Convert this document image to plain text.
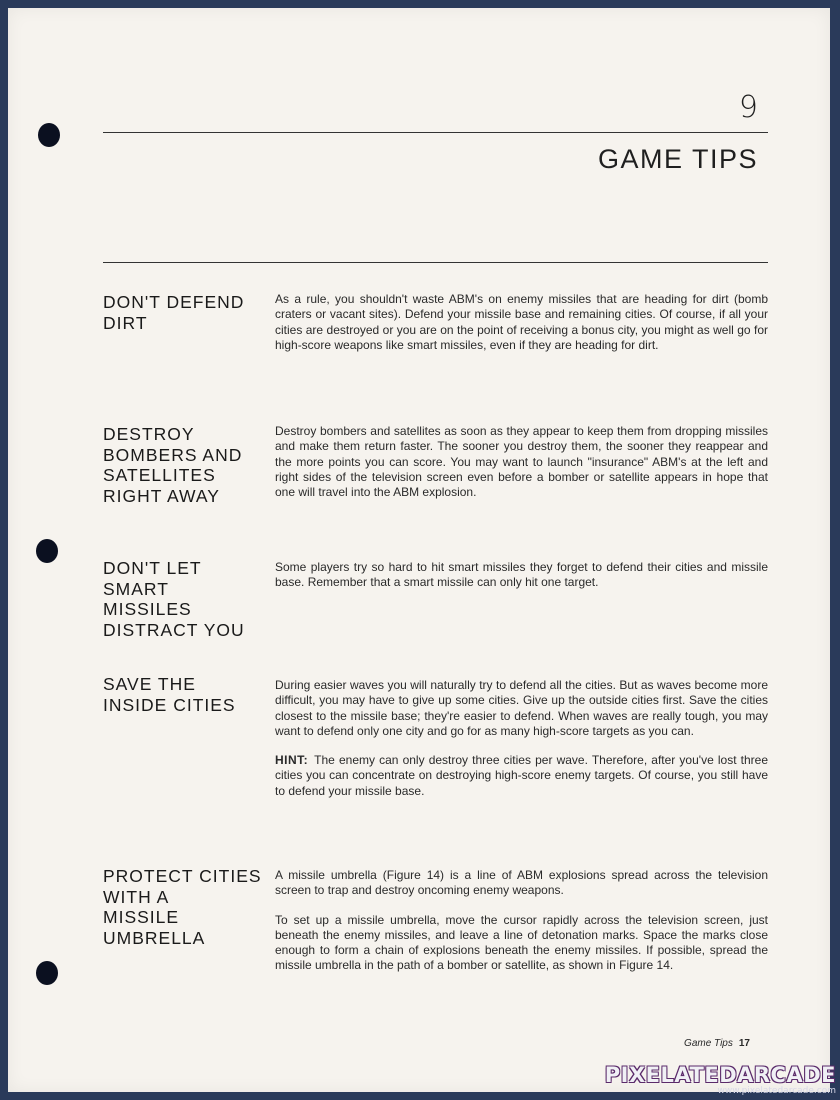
9
GAME TIPS
DON'T DEFEND
DIRT

As a rule, you shouldn't waste ABM's on enemy missiles that are heading for dirt (bomb craters or vacant sites). Defend your missile base and remaining cities. Of course, if all your cities are destroyed or you are on the point of receiving a bonus city, you might as well go for high-score weapons like smart missiles, even if they are heading for dirt.

DESTROY
BOMBERS AND
SATELLITES
RIGHT AWAY

Destroy bombers and satellites as soon as they appear to keep them from dropping missiles and make them return faster. The sooner you destroy them, the sooner they reappear and the more points you can score. You may want to launch "insurance" ABM's at the left and right sides of the television screen even before a bomber or satellite appears in hope that one will travel into the ABM explosion.

DON'T LET
SMART MISSILES
DISTRACT YOU

Some players try so hard to hit smart missiles they forget to defend their cities and missile base. Remember that a smart missile can only hit one target.

SAVE THE
INSIDE CITIES

During easier waves you will naturally try to defend all the cities. But as waves become more difficult, you may have to give up some cities. Give up the outside cities first. Save the cities closest to the missile base; they're easier to defend. When waves are really tough, you may want to defend only one city and go for as many high-score targets as you can.

HINT: The enemy can only destroy three cities per wave. Therefore, after you've lost three cities you can concentrate on destroying high-score enemy targets. Of course, you still have to defend your missile base.

PROTECT CITIES
WITH A
MISSILE
UMBRELLA

A missile umbrella (Figure 14) is a line of ABM explosions spread across the television screen to trap and destroy oncoming enemy weapons.

To set up a missile umbrella, move the cursor rapidly across the television screen, just beneath the enemy missiles, and leave a line of detonation marks. Space the marks close enough to form a chain of explosions beneath the enemy missiles. If possible, spread the missile umbrella in the path of a bomber or satellite, as shown in Figure 14.

Game Tips 17
PIXELATEDARCADE
www.pixelatedarcade.com
